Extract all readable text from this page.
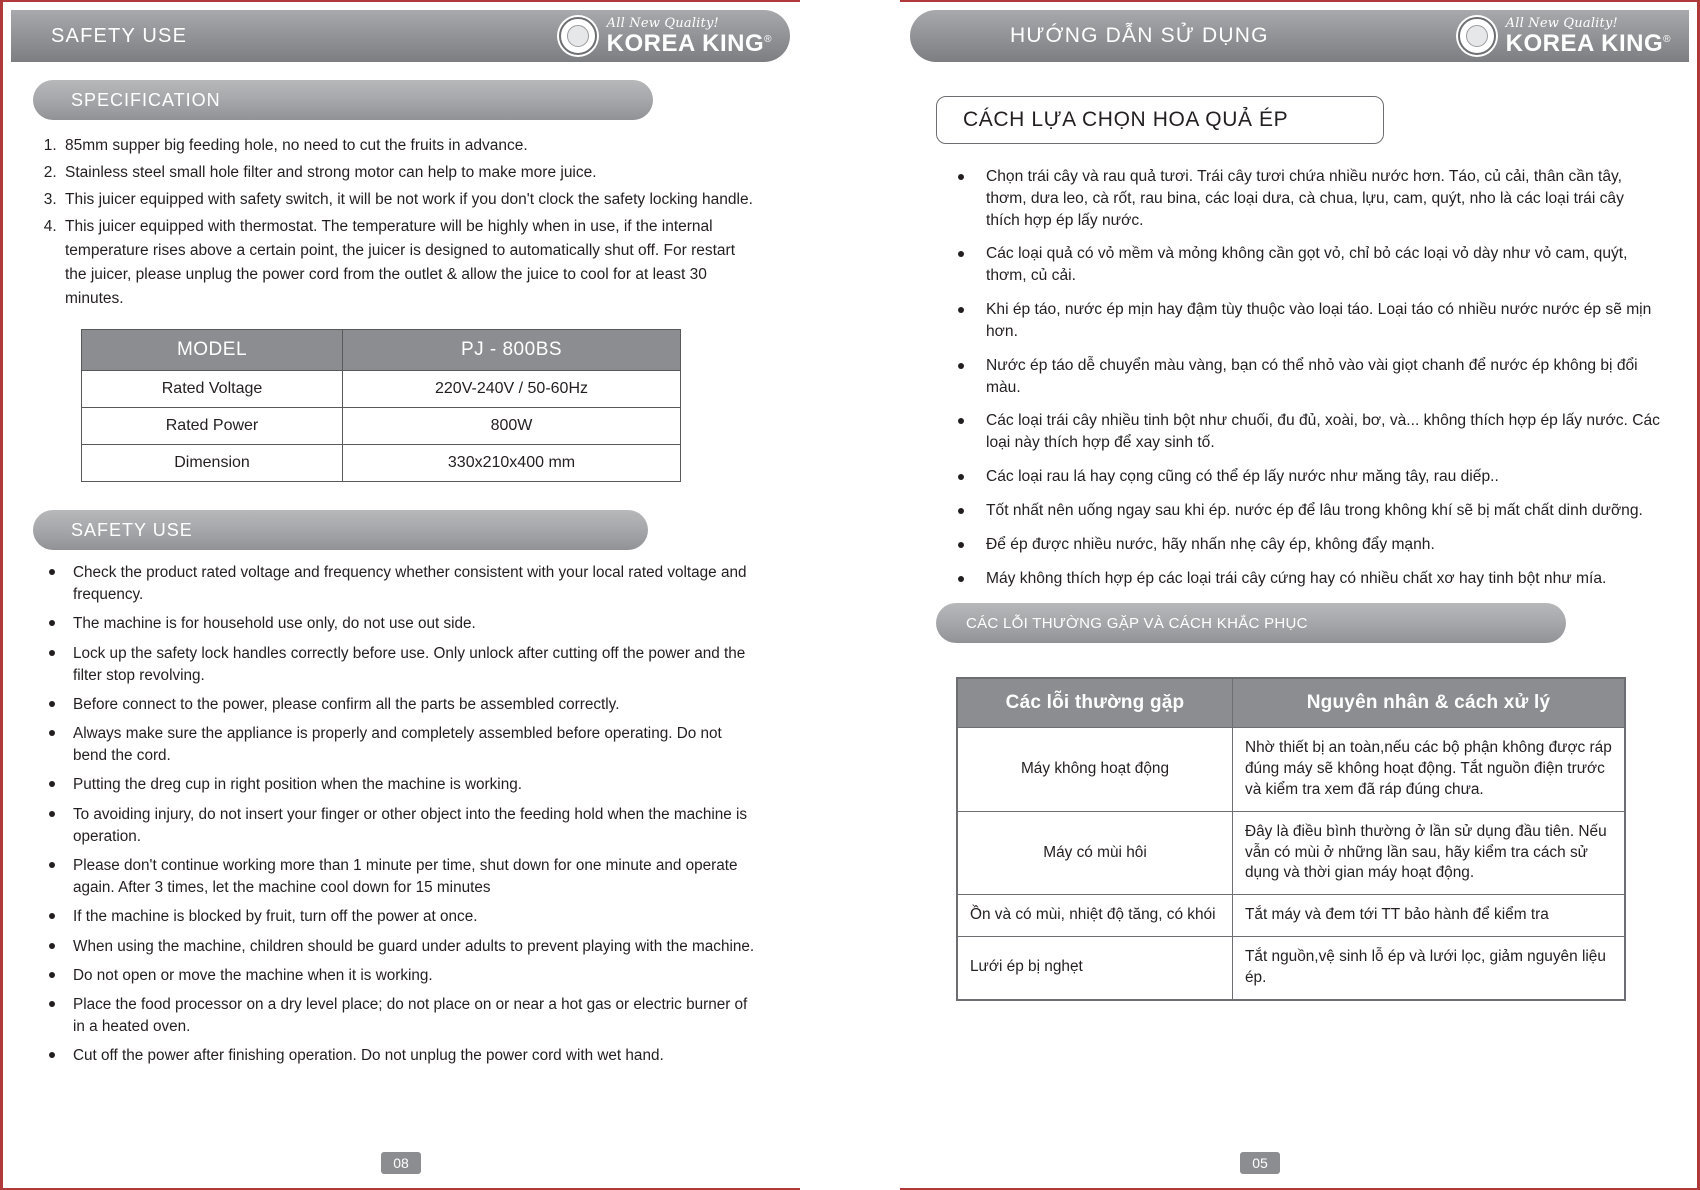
SAFETY USE
All New Quality!
KOREA KING®
SPECIFICATION
1. 85mm supper big feeding hole, no need to cut the fruits in advance.
2. Stainless steel small hole filter and strong motor can help to make more juice.
3. This juicer equipped with safety switch, it will be not work if you don't clock the safety locking handle.
4. This juicer equipped with thermostat. The temperature will be highly when in use, if the internal temperature rises above a certain point, the juicer is designed to automatically shut off. For restart the juicer, please unplug the power cord from the outlet & allow the juice to cool for at least 30 minutes.
MODEL	PJ - 800BS
Rated Voltage	220V-240V / 50-60Hz
Rated Power	800W
Dimension	330x210x400 mm
SAFETY USE
Check the product rated voltage and frequency whether consistent with your local rated voltage and frequency.
The machine is for household use only, do not use out side.
Lock up the safety lock handles correctly before use. Only unlock after cutting off the power and the filter stop revolving.
Before connect to the power, please confirm all the parts be assembled correctly.
Always make sure the appliance is properly and completely assembled before operating. Do not bend the cord.
Putting the dreg cup in right position when the machine is working.
To avoiding injury, do not insert your finger or other object into the feeding hold when the machine is operation.
Please don't continue working more than 1 minute per time, shut down for one minute and operate again. After 3 times, let the machine cool down for 15 minutes
If the machine is blocked by fruit, turn off the power at once.
When using the machine, children should be guard under adults to prevent playing with the machine.
Do not open or move the machine when it is working.
Place the food processor on a dry level place; do not place on or near a hot gas or electric burner of in a heated oven.
Cut off the power after finishing operation. Do not unplug the power cord with wet hand.
08
HƯỚNG DẪN SỬ DỤNG
All New Quality!
KOREA KING®
CÁCH LỰA CHỌN HOA QUẢ ÉP
Chọn trái cây và rau quả tươi. Trái cây tươi chứa nhiều nước hơn. Táo, củ cải, thân cần tây, thơm, dưa leo, cà rốt, rau bina, các loại dưa, cà chua, lựu, cam, quýt, nho là các loại trái cây thích hợp ép lấy nước.
Các loại quả có vỏ mềm và mỏng không cần gọt vỏ, chỉ bỏ các loại vỏ dày như vỏ cam, quýt, thơm, củ cải.
Khi ép táo, nước ép mịn hay đậm tùy thuộc vào loại táo. Loại táo có nhiều nước nước ép sẽ mịn hơn.
Nước ép táo dễ chuyển màu vàng, bạn có thể nhỏ vào vài giọt chanh để nước ép không bị đổi màu.
Các loại trái cây nhiều tinh bột như chuối, đu đủ, xoài, bơ, và... không thích hợp ép lấy nước. Các loại này thích hợp để xay sinh tố.
Các loại rau lá hay cọng cũng có thể ép lấy nước như măng tây, rau diếp..
Tốt nhất nên uống ngay sau khi ép. nước ép để lâu trong không khí sẽ bị mất chất dinh dưỡng.
Để ép được nhiều nước, hãy nhấn nhẹ cây ép, không đẩy mạnh.
Máy không thích hợp ép các loại trái cây cứng hay có nhiều chất xơ hay tinh bột như mía.
CÁC LỖI THƯỜNG GẶP VÀ CÁCH KHẮC PHỤC
Các lỗi thường gặp	Nguyên nhân & cách xử lý
Máy không hoạt động	Nhờ thiết bị an toàn,nếu các bộ phận không được ráp đúng máy sẽ không hoạt động. Tắt nguồn điện trước và kiểm tra xem đã ráp đúng chưa.
Máy có mùi hôi	Đây là điều bình thường ở lần sử dụng đầu tiên. Nếu vẫn có mùi ở những lần sau, hãy kiểm tra cách sử dụng và thời gian máy hoạt động.
Ồn và có mùi, nhiệt độ tăng, có khói	Tắt máy và đem tới TT bảo hành để kiểm tra
Lưới ép bị nghẹt	Tắt nguồn,vệ sinh lỗ ép và lưới lọc, giảm nguyên liệu ép.
05
